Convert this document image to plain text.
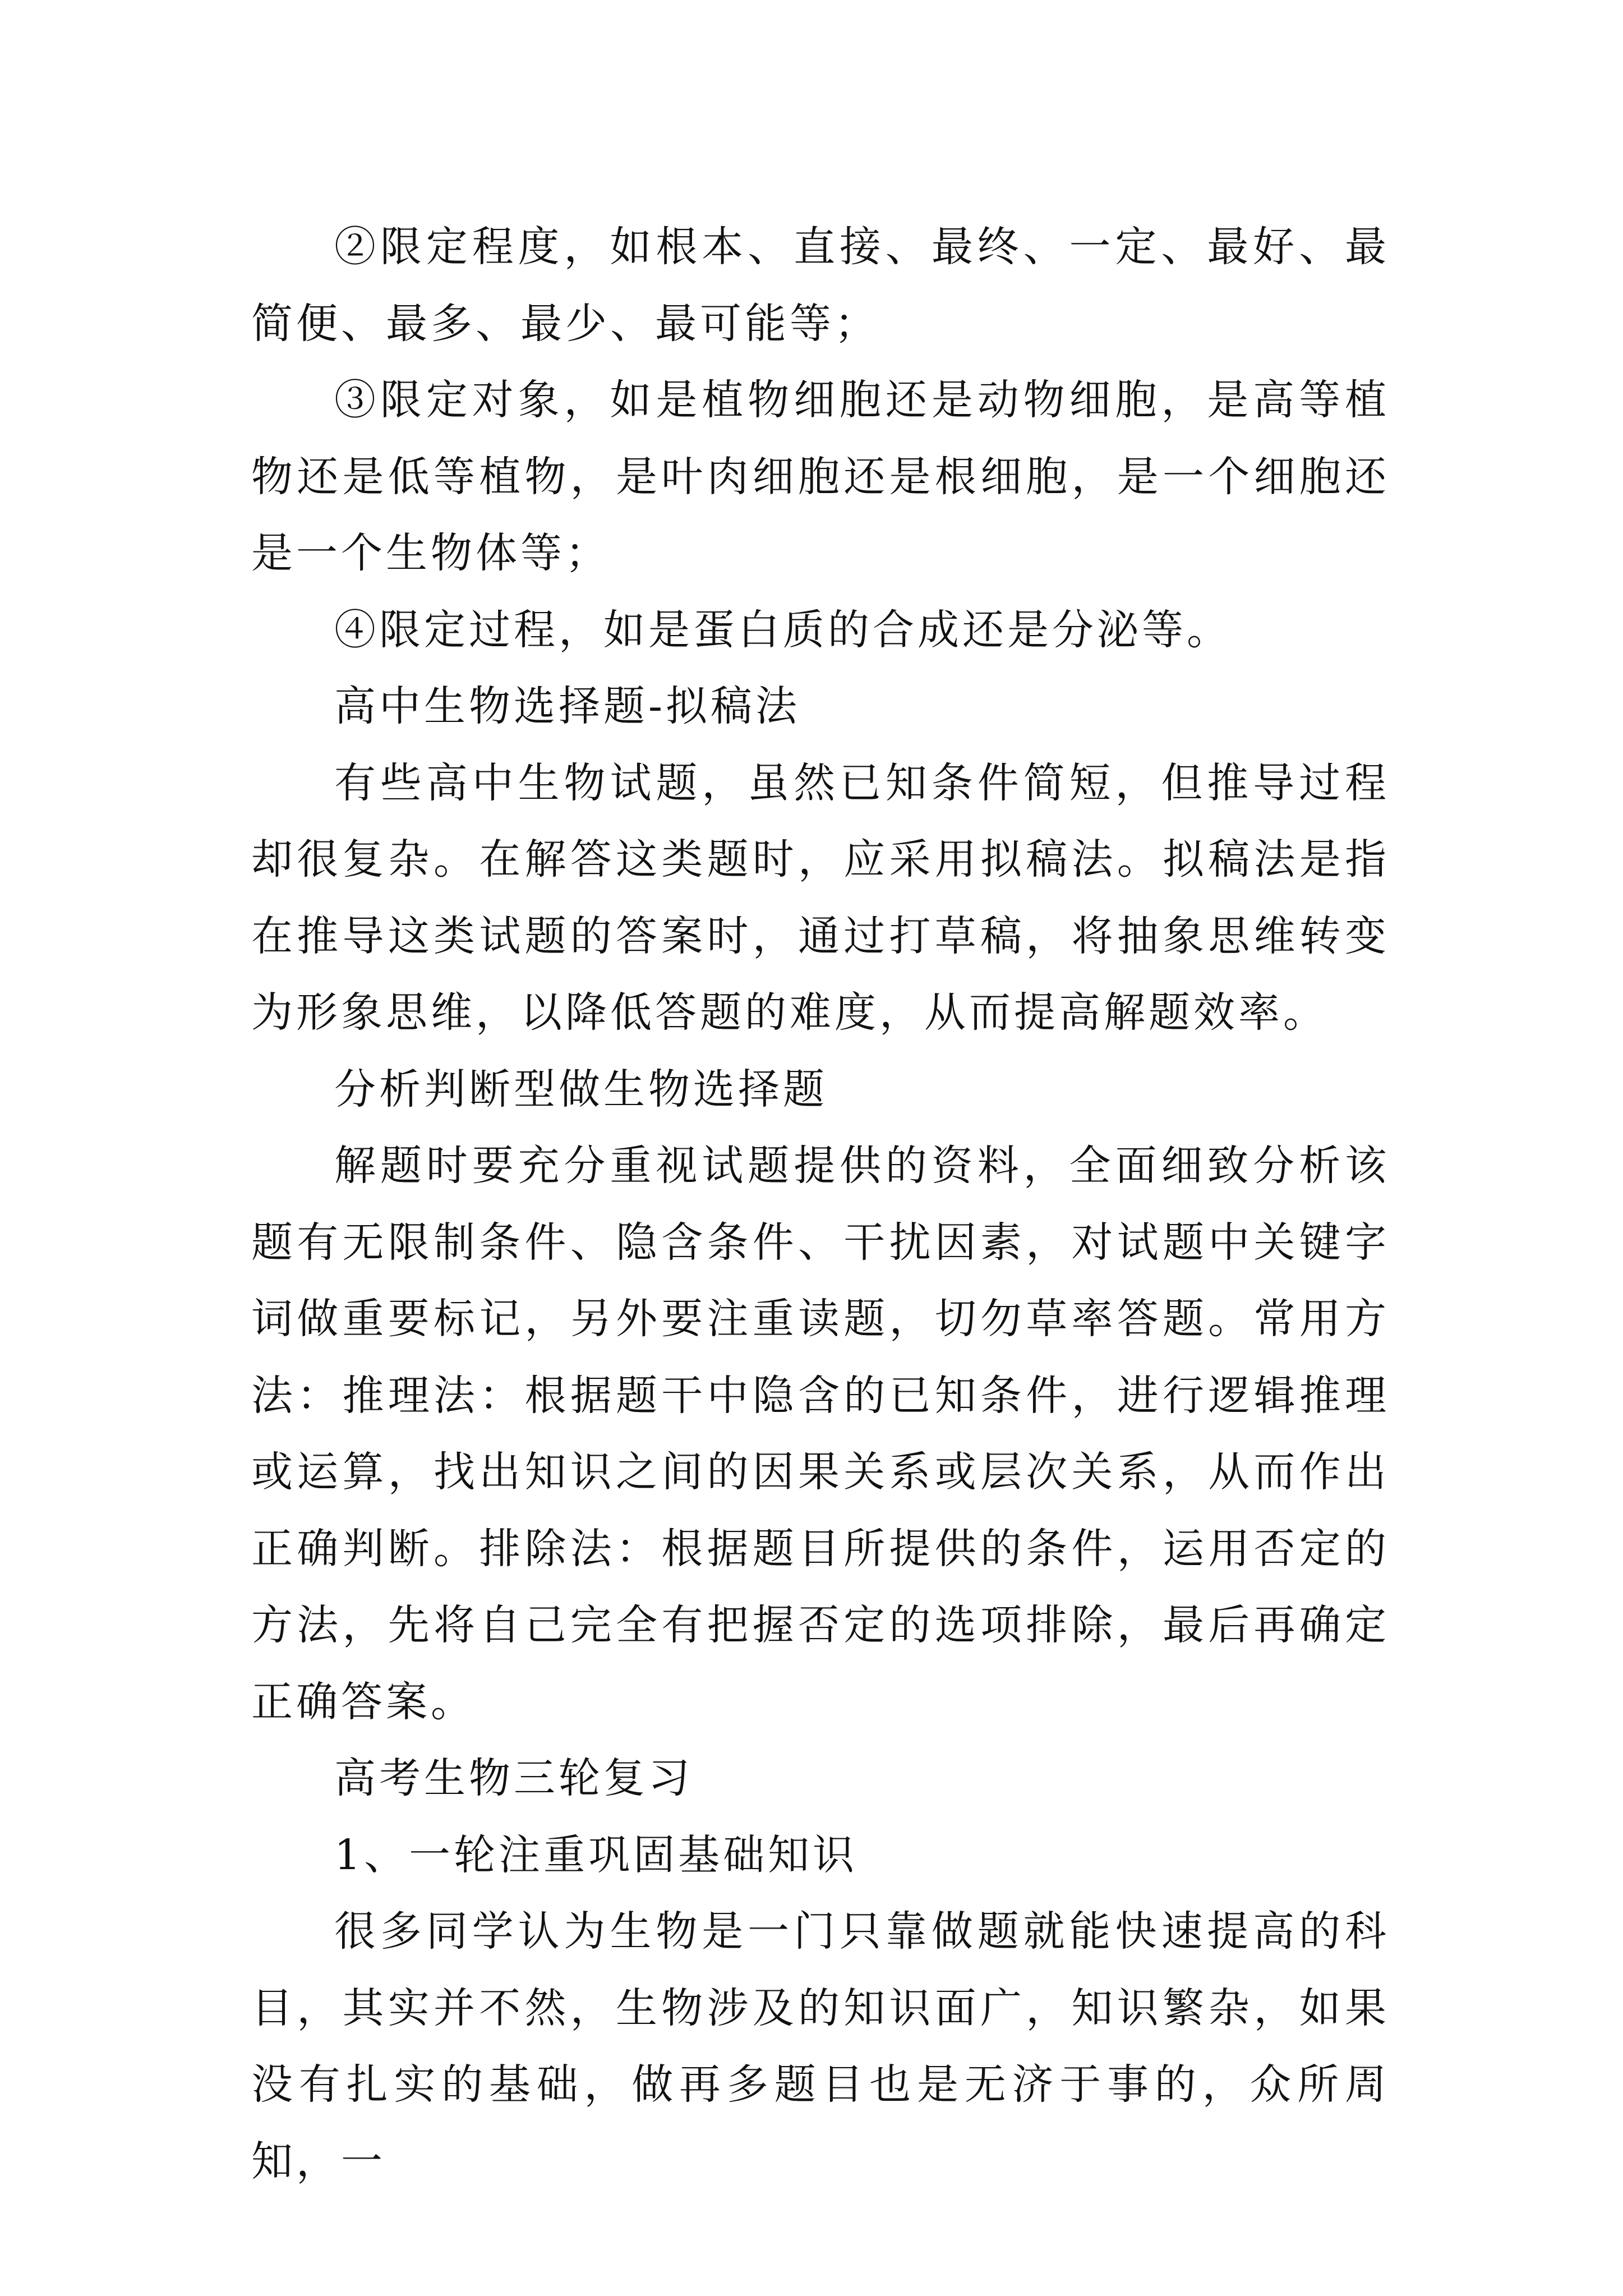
②限定程度，如根本、直接、最终、一定、最好、最简便、最多、最少、最可能等；

③限定对象，如是植物细胞还是动物细胞，是高等植物还是低等植物，是叶肉细胞还是根细胞，是一个细胞还是一个生物体等；

④限定过程，如是蛋白质的合成还是分泌等。

高中生物选择题-拟稿法

有些高中生物试题，虽然已知条件简短，但推导过程却很复杂。在解答这类题时，应采用拟稿法。拟稿法是指在推导这类试题的答案时，通过打草稿，将抽象思维转变为形象思维，以降低答题的难度，从而提高解题效率。

分析判断型做生物选择题

解题时要充分重视试题提供的资料，全面细致分析该题有无限制条件、隐含条件、干扰因素，对试题中关键字词做重要标记，另外要注重读题，切勿草率答题。常用方法：推理法：根据题干中隐含的已知条件，进行逻辑推理或运算，找出知识之间的因果关系或层次关系，从而作出正确判断。排除法：根据题目所提供的条件，运用否定的方法，先将自己完全有把握否定的选项排除，最后再确定正确答案。

高考生物三轮复习

1、一轮注重巩固基础知识

很多同学认为生物是一门只靠做题就能快速提高的科目，其实并不然，生物涉及的知识面广，知识繁杂，如果没有扎实的基础，做再多题目也是无济于事的，众所周知，一
